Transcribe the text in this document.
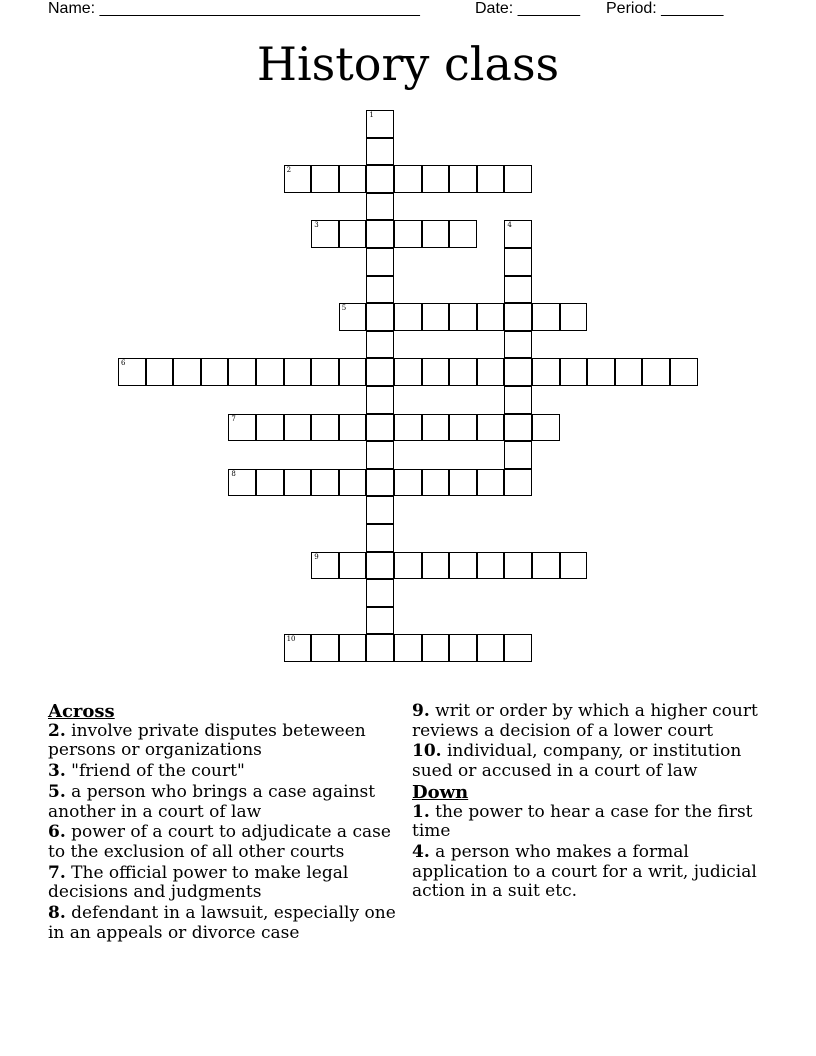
Name: ____________________________________	Date: _______ Period: _______
History class
1
2
3	4
5
6
7
8
9
10

Across

2. involve private disputes beteween persons or organizations

3. "friend of the court"

5. a person who brings a case against another in a court of law

6. power of a court to adjudicate a case to the exclusion of all other courts

7. The official power to make legal decisions and judgments

8. defendant in a lawsuit, especially one in an appeals or divorce case

9. writ or order by which a higher court reviews a decision of a lower court

10. individual, company, or institution sued or accused in a court of law

Down

1. the power to hear a case for the first time

4. a person who makes a formal application to a court for a writ, judicial action in a suit etc.
